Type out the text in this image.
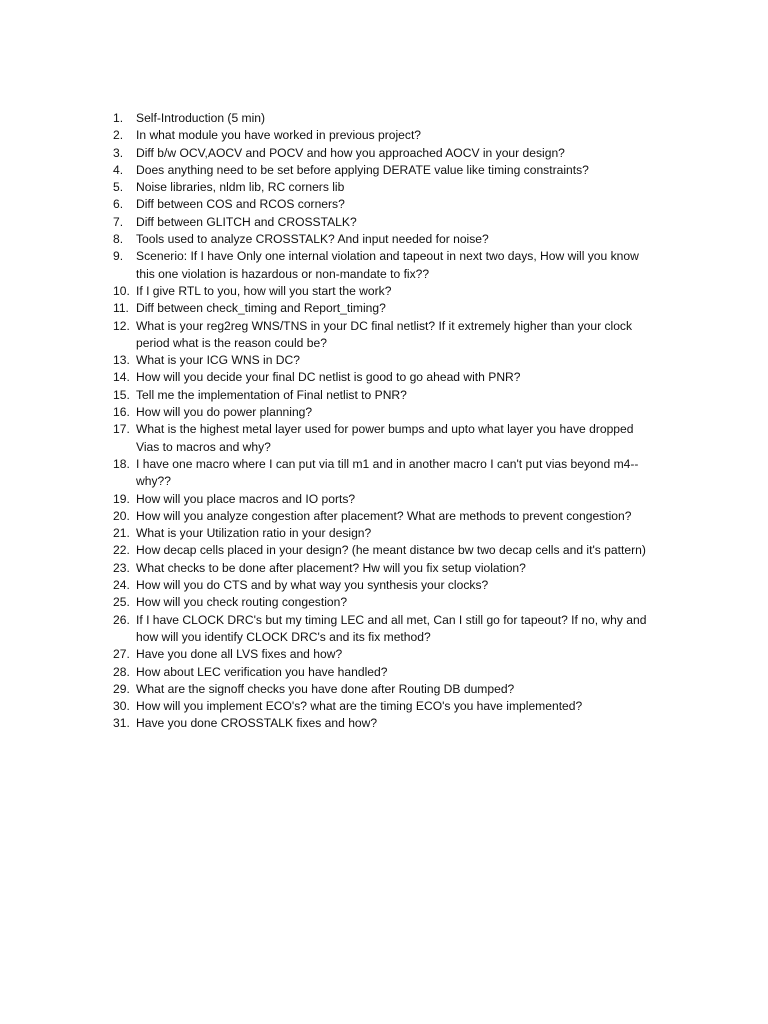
1.	Self-Introduction (5 min)
2.	In what module you have worked in previous project?
3.	Diff b/w OCV,AOCV and POCV and how you approached AOCV in your design?
4.	Does anything need to be set before applying DERATE value like timing constraints?
5.	Noise libraries, nldm lib, RC corners lib
6.	Diff between COS and RCOS corners?
7.	Diff between GLITCH and CROSSTALK?
8.	Tools used to analyze CROSSTALK? And input needed for noise?
9.	Scenerio: If I have Only one internal violation and tapeout in next two days, How will you know
this one violation is hazardous or non-mandate to fix??
10. If I give RTL to you, how will you start the work?
11. Diff between check_timing and Report_timing?
12. What is your reg2reg WNS/TNS in your DC final netlist? If it extremely higher than your clock
period what is the reason could be?
13. What is your ICG WNS in DC?
14. How will you decide your final DC netlist is good to go ahead with PNR?
15. Tell me the implementation of Final netlist to PNR?
16. How will you do power planning?
17. What is the highest metal layer used for power bumps and upto what layer you have dropped
Vias to macros and why?
18. I have one macro where I can put via till m1 and in another macro I can't put vias beyond m4--
why??
19. How will you place macros and IO ports?
20. How will you analyze congestion after placement? What are methods to prevent congestion?
21. What is your Utilization ratio in your design?
22. How decap cells placed in your design? (he meant distance bw two decap cells and it's pattern)
23. What checks to be done after placement? Hw will you fix setup violation?
24. How will you do CTS and by what way you synthesis your clocks?
25. How will you check routing congestion?
26. If I have CLOCK DRC's but my timing LEC and all met, Can I still go for tapeout? If no, why and
how will you identify CLOCK DRC's and its fix method?
27. Have you done all LVS fixes and how?
28. How about LEC verification you have handled?
29. What are the signoff checks you have done after Routing DB dumped?
30. How will you implement ECO's? what are the timing ECO's you have implemented?
31. Have you done CROSSTALK fixes and how?
